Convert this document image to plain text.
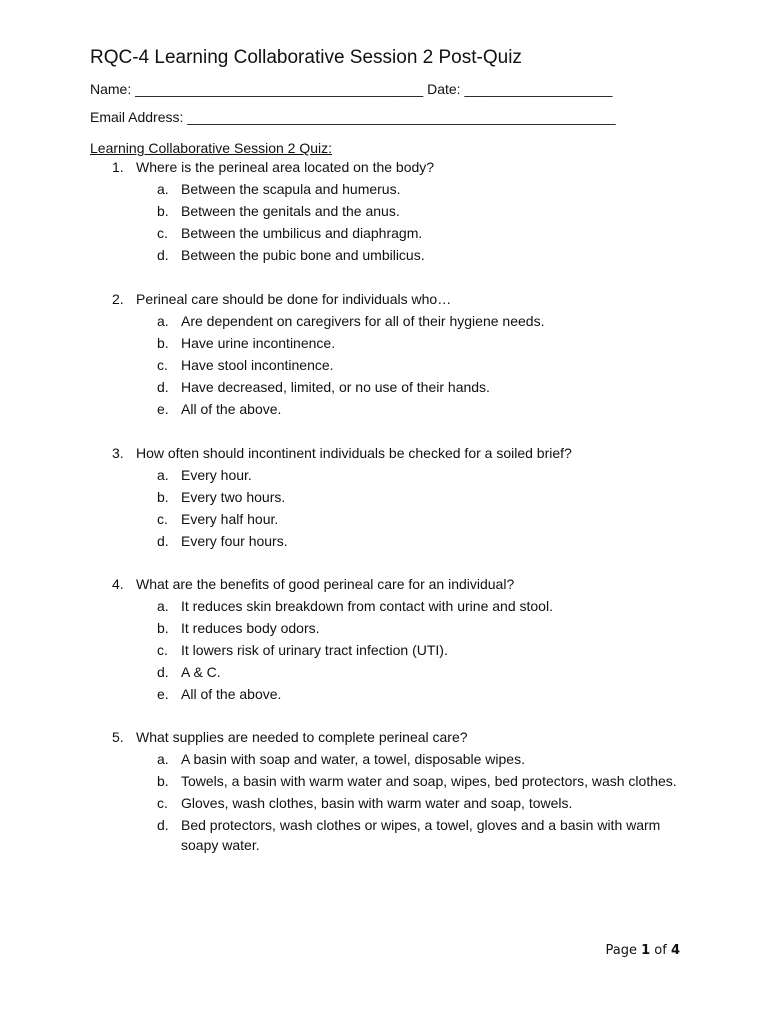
RQC-4 Learning Collaborative Session 2 Post-Quiz
Name: _____________________________________ Date: ___________________
Email Address: _______________________________________________________
Learning Collaborative Session 2 Quiz:
1. Where is the perineal area located on the body?
a. Between the scapula and humerus.
b. Between the genitals and the anus.
c. Between the umbilicus and diaphragm.
d. Between the pubic bone and umbilicus.
2. Perineal care should be done for individuals who…
a. Are dependent on caregivers for all of their hygiene needs.
b. Have urine incontinence.
c. Have stool incontinence.
d. Have decreased, limited, or no use of their hands.
e. All of the above.
3. How often should incontinent individuals be checked for a soiled brief?
a. Every hour.
b. Every two hours.
c. Every half hour.
d. Every four hours.
4. What are the benefits of good perineal care for an individual?
a. It reduces skin breakdown from contact with urine and stool.
b. It reduces body odors.
c. It lowers risk of urinary tract infection (UTI).
d. A & C.
e. All of the above.
5. What supplies are needed to complete perineal care?
a. A basin with soap and water, a towel, disposable wipes.
b. Towels, a basin with warm water and soap, wipes, bed protectors, wash clothes.
c. Gloves, wash clothes, basin with warm water and soap, towels.
d. Bed protectors, wash clothes or wipes, a towel, gloves and a basin with warm soapy water.
Page 1 of 4
